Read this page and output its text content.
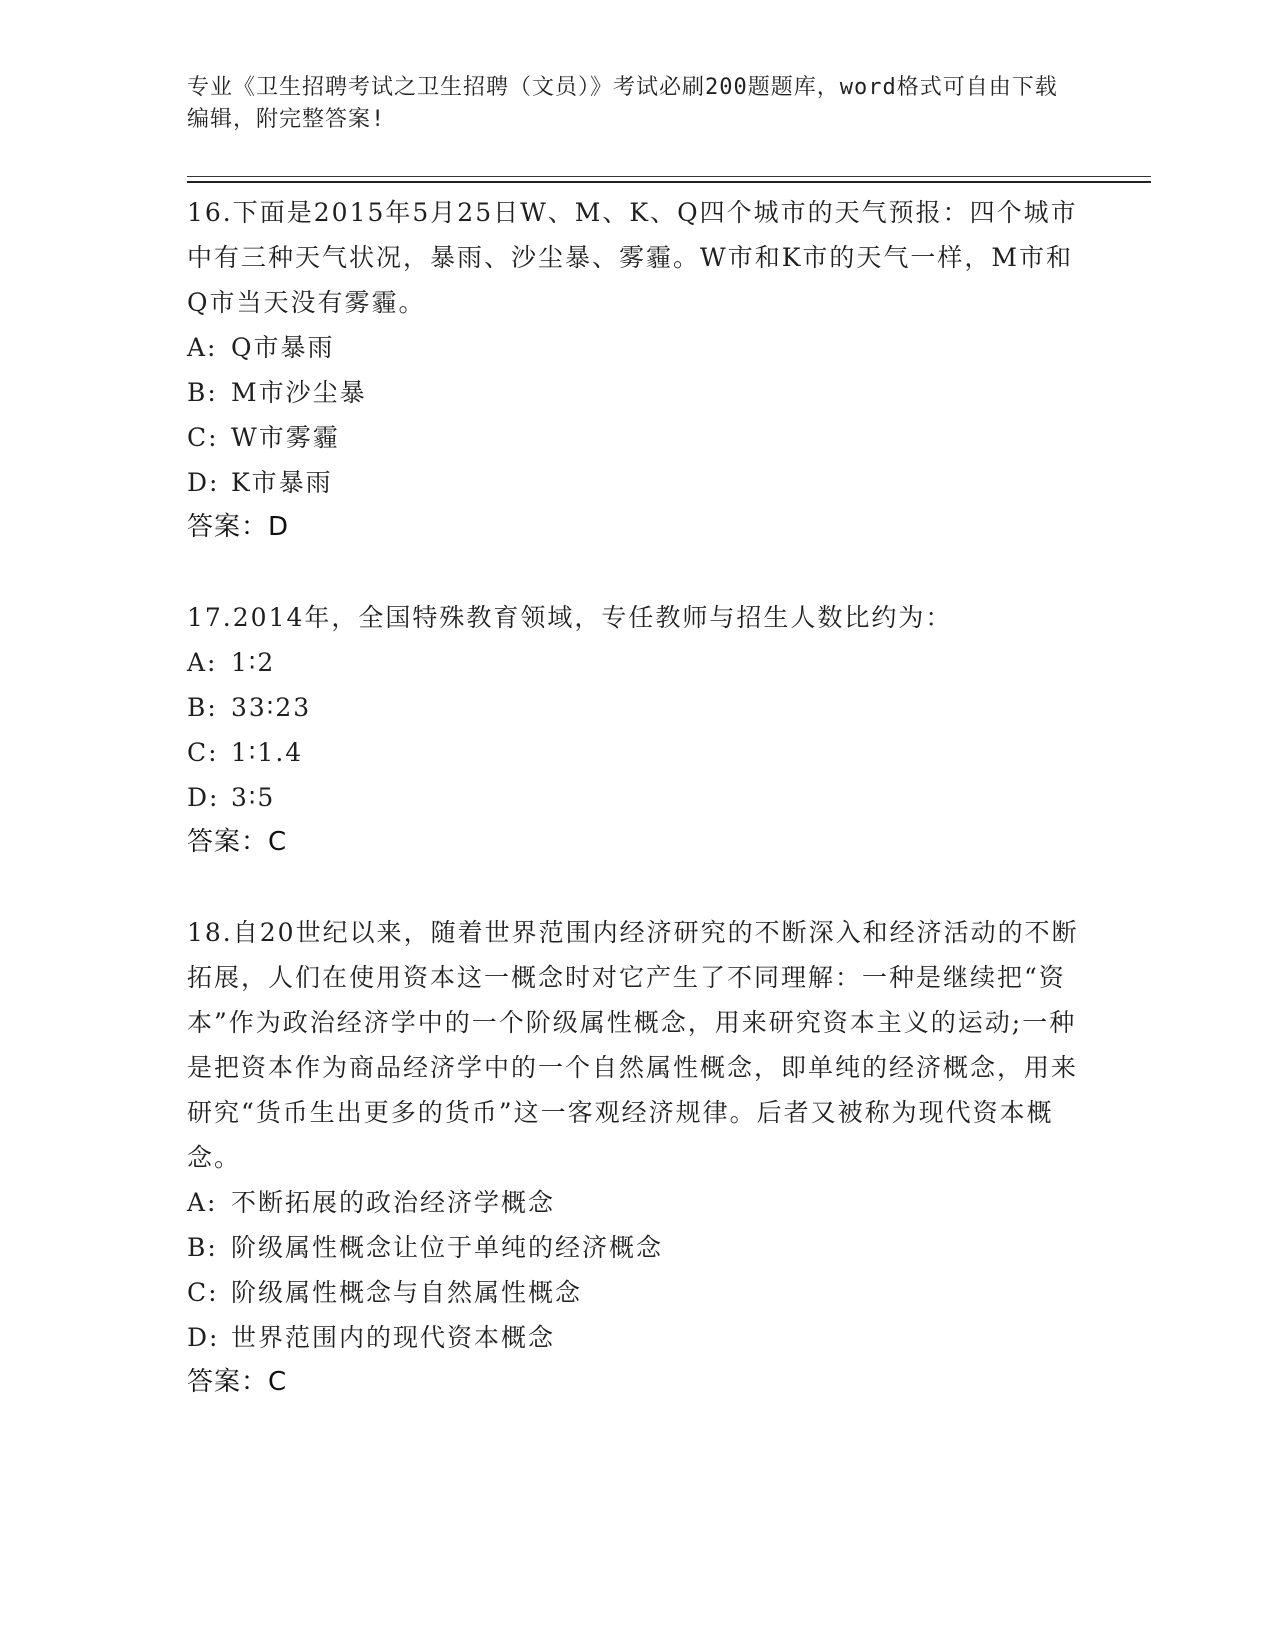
专业《卫生招聘考试之卫生招聘（文员）》考试必刷200题题库，word格式可自由下载编辑，附完整答案!

16.下面是2015年5月25日W、M、K、Q四个城市的天气预报：四个城市中有三种天气状况，暴雨、沙尘暴、雾霾。W市和K市的天气一样，M市和Q市当天没有雾霾。

A: Q市暴雨

B: M市沙尘暴

C: W市雾霾

D: K市暴雨

答案：D

17.2014年，全国特殊教育领域，专任教师与招生人数比约为：

A: 1∶2

B: 33∶23

C: 1∶1.4

D: 3∶5

答案：C

18.自20世纪以来，随着世界范围内经济研究的不断深入和经济活动的不断拓展，人们在使用资本这一概念时对它产生了不同理解：一种是继续把“资本”作为政治经济学中的一个阶级属性概念，用来研究资本主义的运动;一种是把资本作为商品经济学中的一个自然属性概念，即单纯的经济概念，用来研究“货币生出更多的货币”这一客观经济规律。后者又被称为现代资本概念。

A: 不断拓展的政治经济学概念

B: 阶级属性概念让位于单纯的经济概念

C: 阶级属性概念与自然属性概念

D: 世界范围内的现代资本概念

答案：C
